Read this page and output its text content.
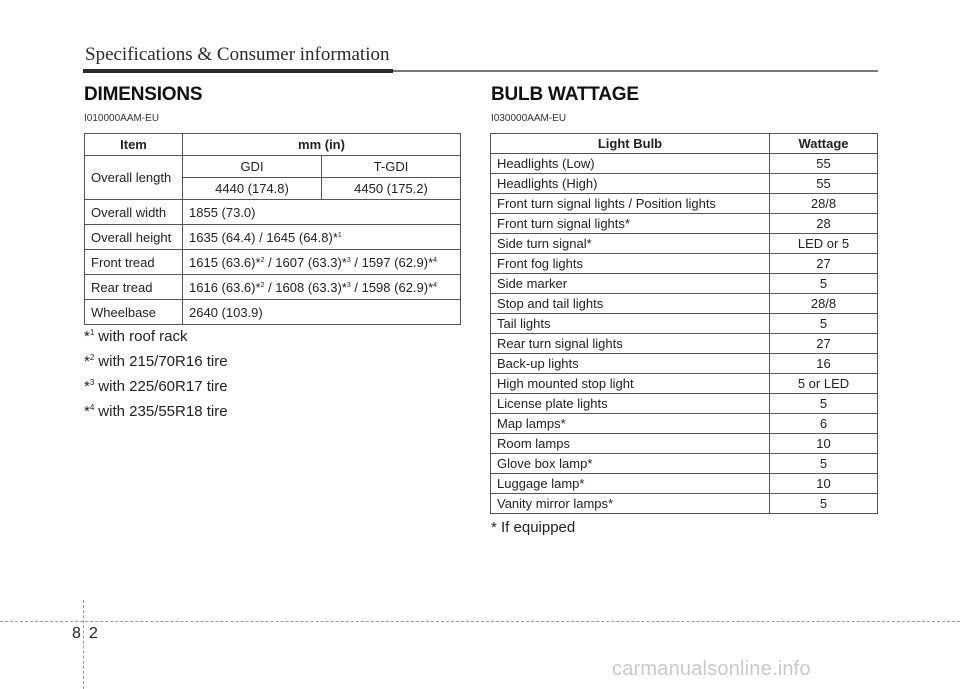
Specifications & Consumer information
DIMENSIONS
I010000AAM-EU
Item	mm (in)	
Overall length	GDI	T-GDI
	4440 (174.8)	4450 (175.2)
Overall width	1855 (73.0)	
Overall height	1635 (64.4) / 1645 (64.8)*$^1$
Front tread	1615 (63.6)*$^2$ / 1607 (63.3)*$^3$ / 1597 (62.9)*$^4$
Rear tread	1616 (63.6)*$^2$ / 1608 (63.3)*$^3$ / 1598 (62.9)*$^4$
Wheelbase	2640 (103.9)	
*$^1$ with roof rack
*$^2$ with 215/70R16 tire
*$^3$ with 225/60R17 tire
*$^4$ with 235/55R18 tire
BULB WATTAGE
I030000AAM-EU
Light Bulb	Wattage
Headlights (Low)	55
Headlights (High)	55
Front turn signal lights / Position lights	28/8
Front turn signal lights*	28
Side turn signal*	LED or 5
Front fog lights	27
Side marker	5
Stop and tail lights	28/8
Tail lights	5
Rear turn signal lights	27
Back-up lights	16
High mounted stop light	5 or LED
License plate lights	5
Map lamps*	6
Room lamps	10
Glove box lamp*	5
Luggage lamp*	10
Vanity mirror lamps*	5
* If equipped
8 2
carmanualsonline.info
